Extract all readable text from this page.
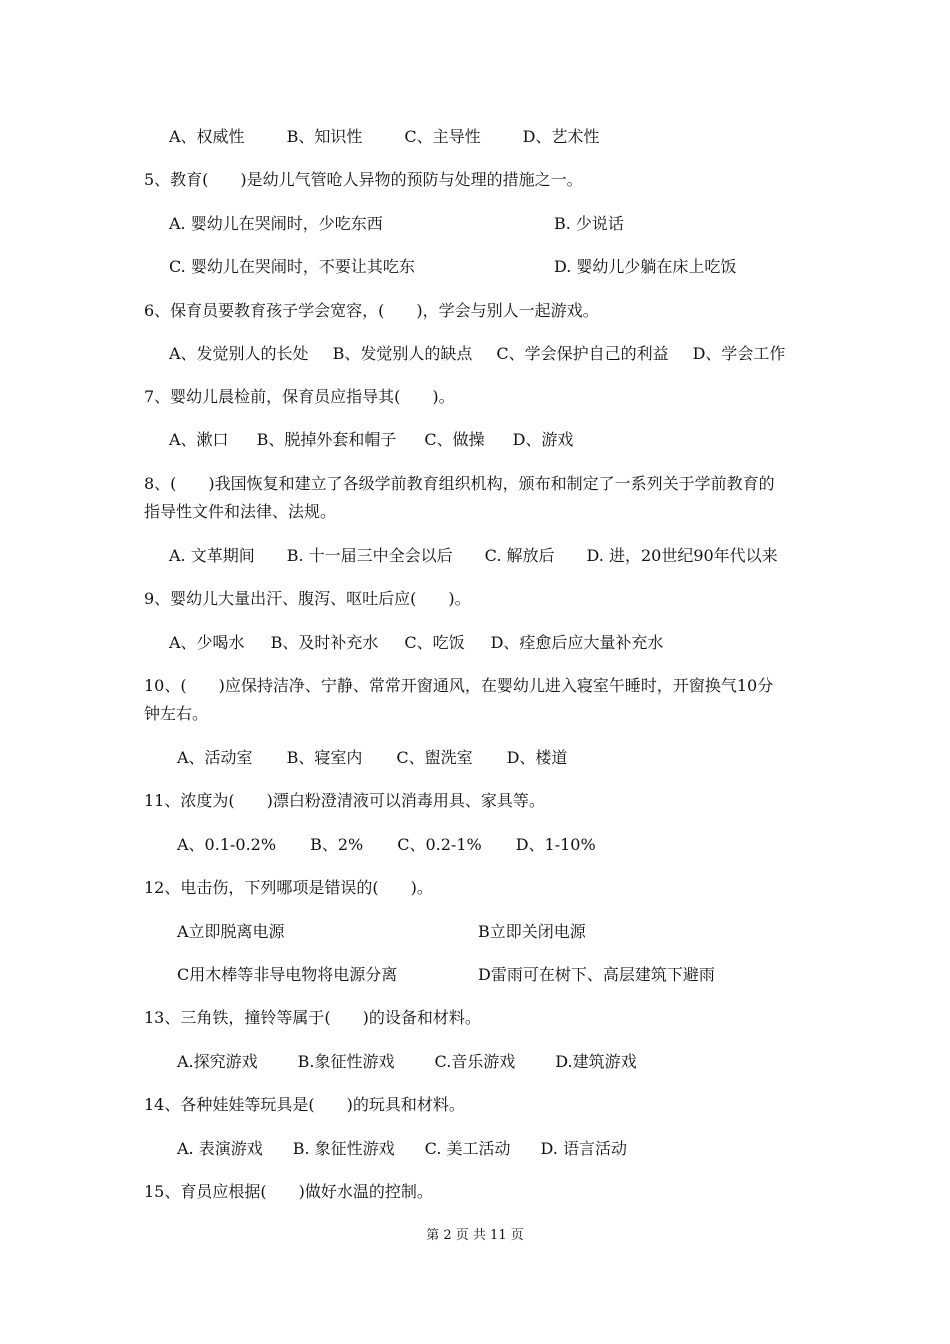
A、权威性	B、知识性	C、主导性	D、艺术性
5、教育(　　)是幼儿气管呛人异物的预防与处理的措施之一。
A. 婴幼儿在哭闹时，少吃东西	B. 少说话
C. 婴幼儿在哭闹时，不要让其吃东	D. 婴幼儿少躺在床上吃饭
6、保育员要教育孩子学会宽容，(　　)，学会与别人一起游戏。
A、发觉别人的长处 B、发觉别人的缺点 C、学会保护自己的利益 D、学会工作
7、婴幼儿晨检前，保育员应指导其(　　)。
A、漱口 B、脱掉外套和帽子 C、做操 D、游戏
8、(　　)我国恢复和建立了各级学前教育组织机构，颁布和制定了一系列关于学前教育的
指导性文件和法律、法规。
A. 文革期间 B. 十一届三中全会以后 C. 解放后 D. 进，20世纪90年代以来
9、婴幼儿大量出汗、腹泻、呕吐后应(　　)。
A、少喝水 B、及时补充水 C、吃饭 D、痊愈后应大量补充水
10、(　　)应保持洁净、宁静、常常开窗通风，在婴幼儿进入寝室午睡时，开窗换气10分
钟左右。
A、活动室 B、寝室内 C、盥洗室 D、楼道
11、浓度为(　　)漂白粉澄清液可以消毒用具、家具等。
A、0.1-0.2% B、2% C、0.2-1% D、1-10%
12、电击伤，下列哪项是错误的(　　)。
A立即脱离电源	B立即关闭电源
C用木棒等非导电物将电源分离	D雷雨可在树下、高层建筑下避雨
13、三角铁，撞铃等属于(　　)的设备和材料。
A.探究游戏	B.象征性游戏	C.音乐游戏	D.建筑游戏
14、各种娃娃等玩具是(　　)的玩具和材料。
A. 表演游戏 B. 象征性游戏 C. 美工活动 D. 语言活动
15、育员应根据(　　)做好水温的控制。
第 2 页 共 11 页
